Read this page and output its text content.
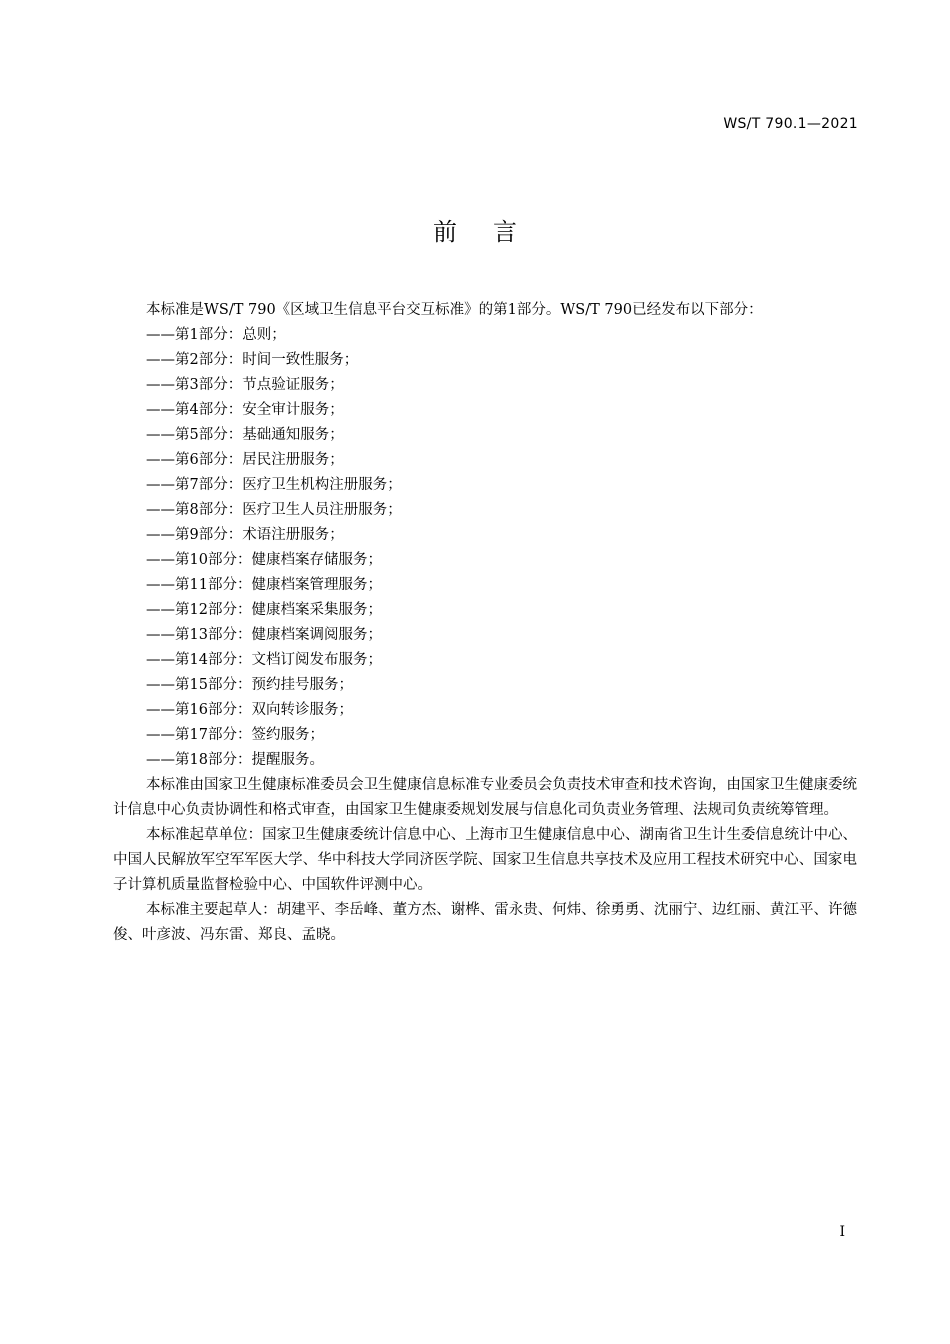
WS/T 790.1—2021
前言

本标准是WS/T 790《区域卫生信息平台交互标准》的第1部分。WS/T 790已经发布以下部分：

——第1部分：总则；
——第2部分：时间一致性服务；
——第3部分：节点验证服务；
——第4部分：安全审计服务；
——第5部分：基础通知服务；
——第6部分：居民注册服务；
——第7部分：医疗卫生机构注册服务；
——第8部分：医疗卫生人员注册服务；
——第9部分：术语注册服务；
——第10部分：健康档案存储服务；
——第11部分：健康档案管理服务；
——第12部分：健康档案采集服务；
——第13部分：健康档案调阅服务；
——第14部分：文档订阅发布服务；
——第15部分：预约挂号服务；
——第16部分：双向转诊服务；
——第17部分：签约服务；
——第18部分：提醒服务。

本标准由国家卫生健康标准委员会卫生健康信息标准专业委员会负责技术审查和技术咨询，由国家卫生健康委统计信息中心负责协调性和格式审查，由国家卫生健康委规划发展与信息化司负责业务管理、法规司负责统筹管理。

本标准起草单位：国家卫生健康委统计信息中心、上海市卫生健康信息中心、湖南省卫生计生委信息统计中心、中国人民解放军空军军医大学、华中科技大学同济医学院、国家卫生信息共享技术及应用工程技术研究中心、国家电子计算机质量监督检验中心、中国软件评测中心。

本标准主要起草人：胡建平、李岳峰、董方杰、谢桦、雷永贵、何炜、徐勇勇、沈丽宁、边红丽、黄江平、许德俊、叶彦波、冯东雷、郑良、孟晓。

I
